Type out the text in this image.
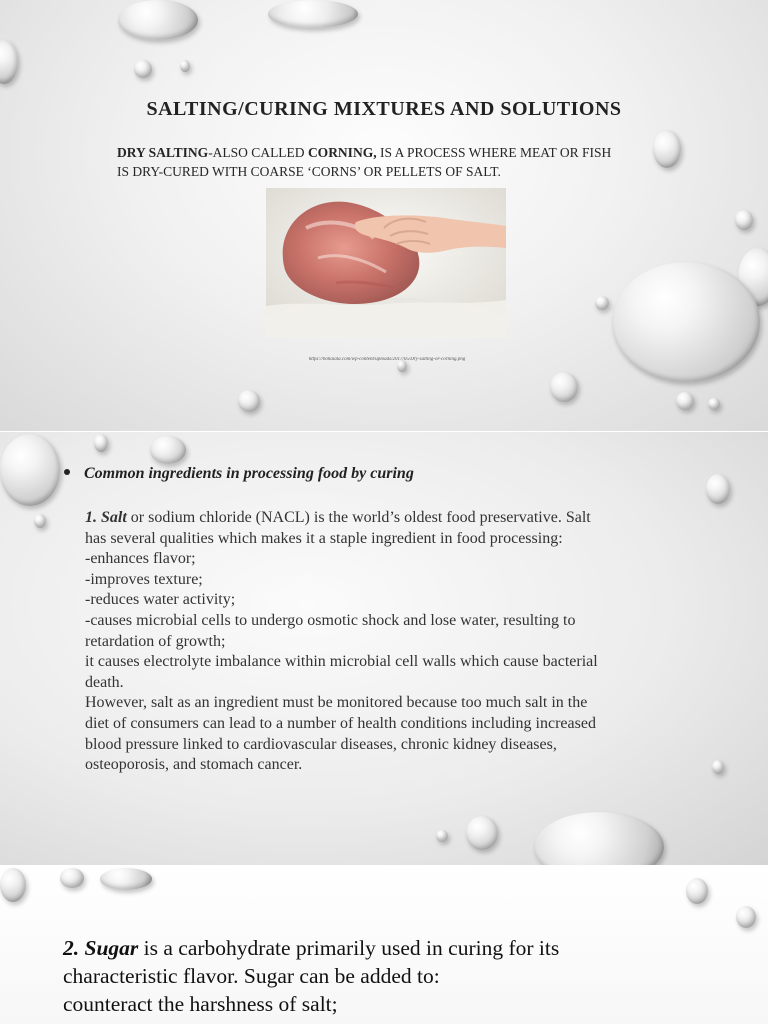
SALTING/CURING MIXTURES AND SOLUTIONS
DRY SALTING-ALSO CALLED CORNING, IS A PROCESS WHERE MEAT OR FISH
IS DRY-CURED WITH COARSE ‘CORNS’ OR PELLETS OF SALT.
https://bohaiala.com/wp-content/uploads/2017/05/Dry-salting-or-corning.png
Common ingredients in processing food by curing
1. Salt or sodium chloride (NACL) is the world’s oldest food preservative. Salt
has several qualities which makes it a staple ingredient in food processing:
-enhances flavor;
-improves texture;
-reduces water activity;
-causes microbial cells to undergo osmotic shock and lose water, resulting to
retardation of growth;
it causes electrolyte imbalance within microbial cell walls which cause bacterial
death.
However, salt as an ingredient must be monitored because too much salt in the
diet of consumers can lead to a number of health conditions including increased
blood pressure linked to cardiovascular diseases, chronic kidney diseases,
osteoporosis, and stomach cancer.
2. Sugar is a carbohydrate primarily used in curing for its
characteristic flavor. Sugar can be added to:
counteract the harshness of salt;
